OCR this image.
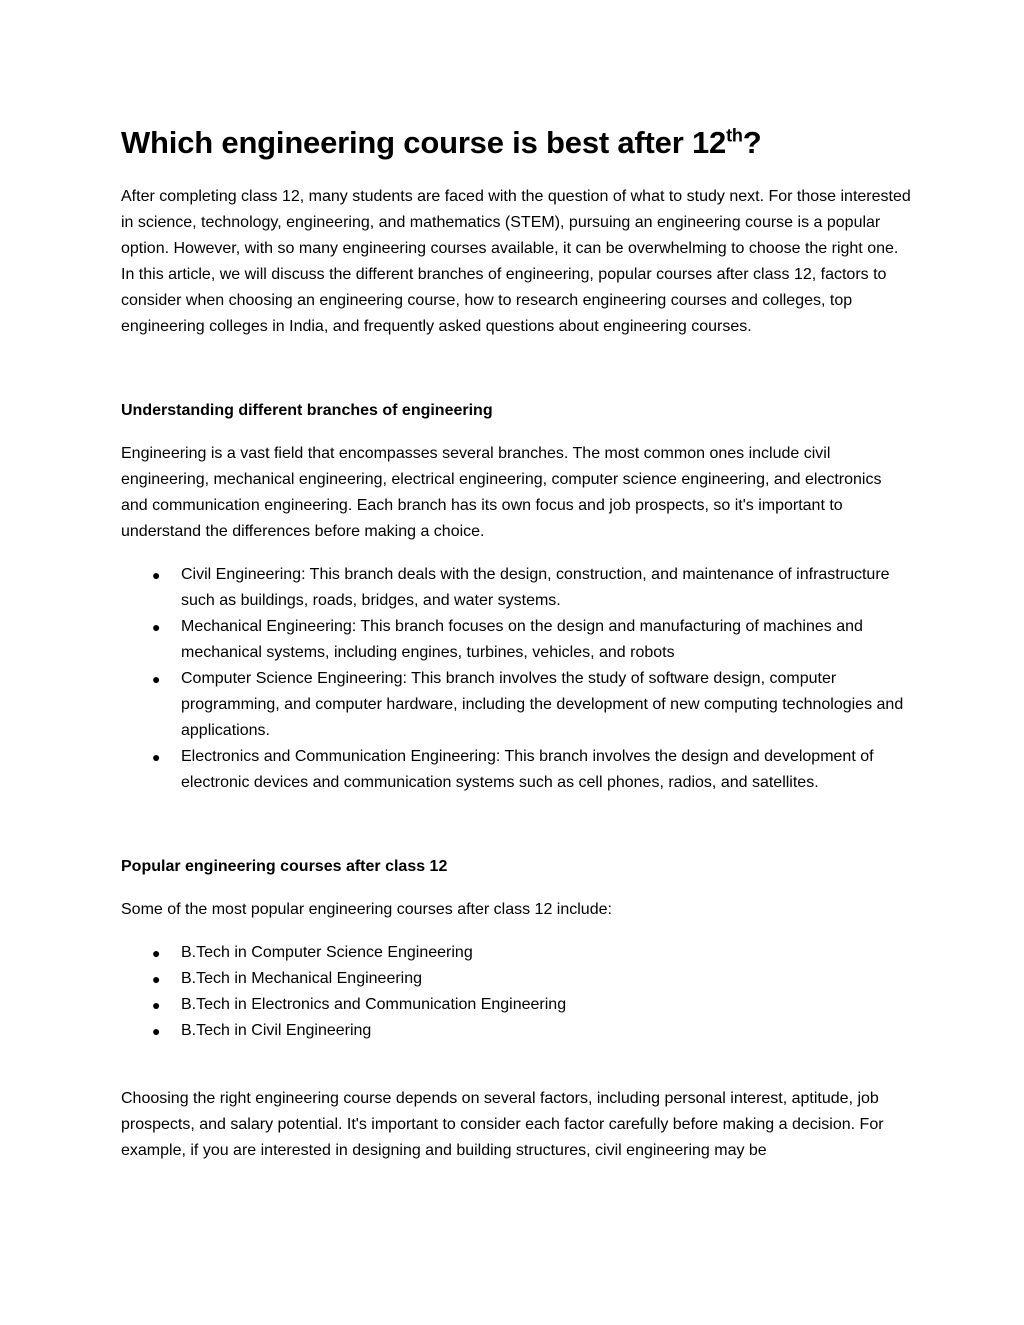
Which engineering course is best after 12th?

After completing class 12, many students are faced with the question of what to study next. For those interested in science, technology, engineering, and mathematics (STEM), pursuing an engineering course is a popular option. However, with so many engineering courses available, it can be overwhelming to choose the right one. In this article, we will discuss the different branches of engineering, popular courses after class 12, factors to consider when choosing an engineering course, how to research engineering courses and colleges, top engineering colleges in India, and frequently asked questions about engineering courses.

Understanding different branches of engineering

Engineering is a vast field that encompasses several branches. The most common ones include civil engineering, mechanical engineering, electrical engineering, computer science engineering, and electronics and communication engineering. Each branch has its own focus and job prospects, so it's important to understand the differences before making a choice.

● Civil Engineering: This branch deals with the design, construction, and maintenance of infrastructure such as buildings, roads, bridges, and water systems.
● Mechanical Engineering: This branch focuses on the design and manufacturing of machines and mechanical systems, including engines, turbines, vehicles, and robots
● Computer Science Engineering: This branch involves the study of software design, computer programming, and computer hardware, including the development of new computing technologies and applications.
● Electronics and Communication Engineering: This branch involves the design and development of electronic devices and communication systems such as cell phones, radios, and satellites.
Popular engineering courses after class 12

Some of the most popular engineering courses after class 12 include:

● B.Tech in Computer Science Engineering
● B.Tech in Mechanical Engineering
● B.Tech in Electronics and Communication Engineering
● B.Tech in Civil Engineering

Choosing the right engineering course depends on several factors, including personal interest, aptitude, job prospects, and salary potential. It's important to consider each factor carefully before making a decision. For example, if you are interested in designing and building structures, civil engineering may be
